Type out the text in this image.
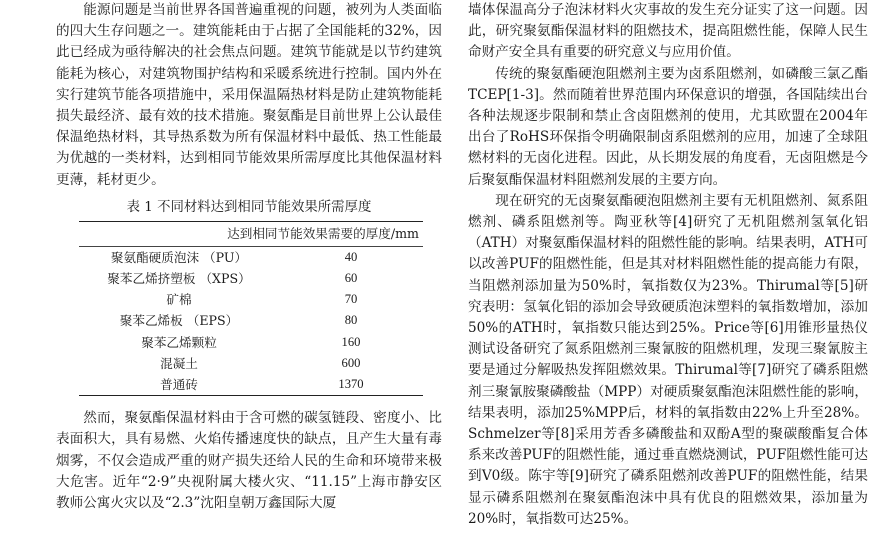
能源问题是当前世界各国普遍重视的问题，被列为人类面临的四大生存问题之一。建筑能耗由于占据了全国能耗的32%，因此已经成为亟待解决的社会焦点问题。建筑节能就是以节约建筑能耗为核心，对建筑物围护结构和采暖系统进行控制。国内外在实行建筑节能各项措施中，采用保温隔热材料是防止建筑物能耗损失最经济、最有效的技术措施。聚氨酯是目前世界上公认最佳保温绝热材料，其导热系数为所有保温材料中最低、热工性能最为优越的一类材料，达到相同节能效果所需厚度比其他保温材料更薄，耗材更少。

表 1 不同材料达到相同节能效果所需厚度
达到相同节能效果需要的厚度/mm	
聚氨酯硬质泡沫 （PU）	40
聚苯乙烯挤塑板 （XPS）	60
矿棉	70
聚苯乙烯板 （EPS）	80
聚苯乙烯颗粒	160
混凝土	600
普通砖	1370

然而，聚氨酯保温材料由于含可燃的碳氢链段、密度小、比表面积大，具有易燃、火焰传播速度快的缺点，且产生大量有毒烟雾，不仅会造成严重的财产损失还给人民的生命和环境带来极大危害。近年“2·9”央视附属大楼火灾、“11.15”上海市静安区教师公寓火灾以及“2.3”沈阳皇朝万鑫国际大厦

墙体保温高分子泡沫材料火灾事故的发生充分证实了这一问题。因此，研究聚氨酯保温材料的阻燃技术，提高阻燃性能，保障人民生命财产安全具有重要的研究意义与应用价值。

传统的聚氨酯硬泡阻燃剂主要为卤系阻燃剂，如磷酸三氯乙酯 TCEP[1-3]。然而随着世界范围内环保意识的增强，各国陆续出台各种法规逐步限制和禁止含卤阻燃剂的使用，尤其欧盟在2004年出台了RoHS环保指令明确限制卤系阻燃剂的应用，加速了全球阻燃材料的无卤化进程。因此，从长期发展的角度看，无卤阻燃是今后聚氨酯保温材料阻燃剂发展的主要方向。

现在研究的无卤聚氨酯硬泡阻燃剂主要有无机阻燃剂、氮系阻燃剂、磷系阻燃剂等。陶亚秋等[4]研究了无机阻燃剂氢氧化铝（ATH）对聚氨酯保温材料的阻燃性能的影响。结果表明，ATH可以改善PUF的阻燃性能，但是其对材料阻燃性能的提高能力有限，当阻燃剂添加量为50%时，氧指数仅为23%。Thirumal等[5]研究表明：氢氧化铝的添加会导致硬质泡沫塑料的氧指数增加，添加50%的ATH时，氧指数只能达到25%。Price等[6]用锥形量热仪测试设备研究了氮系阻燃剂三聚氰胺的阻燃机理，发现三聚氰胺主要是通过分解吸热发挥阻燃效果。Thirumal等[7]研究了磷系阻燃剂三聚氰胺聚磷酸盐（MPP）对硬质聚氨酯泡沫阻燃性能的影响，结果表明，添加25%MPP后，材料的氧指数由22%上升至28%。Schmelzer等[8]采用芳香多磷酸盐和双酚A型的聚碳酸酯复合体系来改善PUF的阻燃性能，通过垂直燃烧测试，PUF阻燃性能可达到V0级。陈宇等[9]研究了磷系阻燃剂改善PUF的阻燃性能，结果显示磷系阻燃剂在聚氨酯泡沫中具有优良的阻燃效果，添加量为20%时，氧指数可达25%。
